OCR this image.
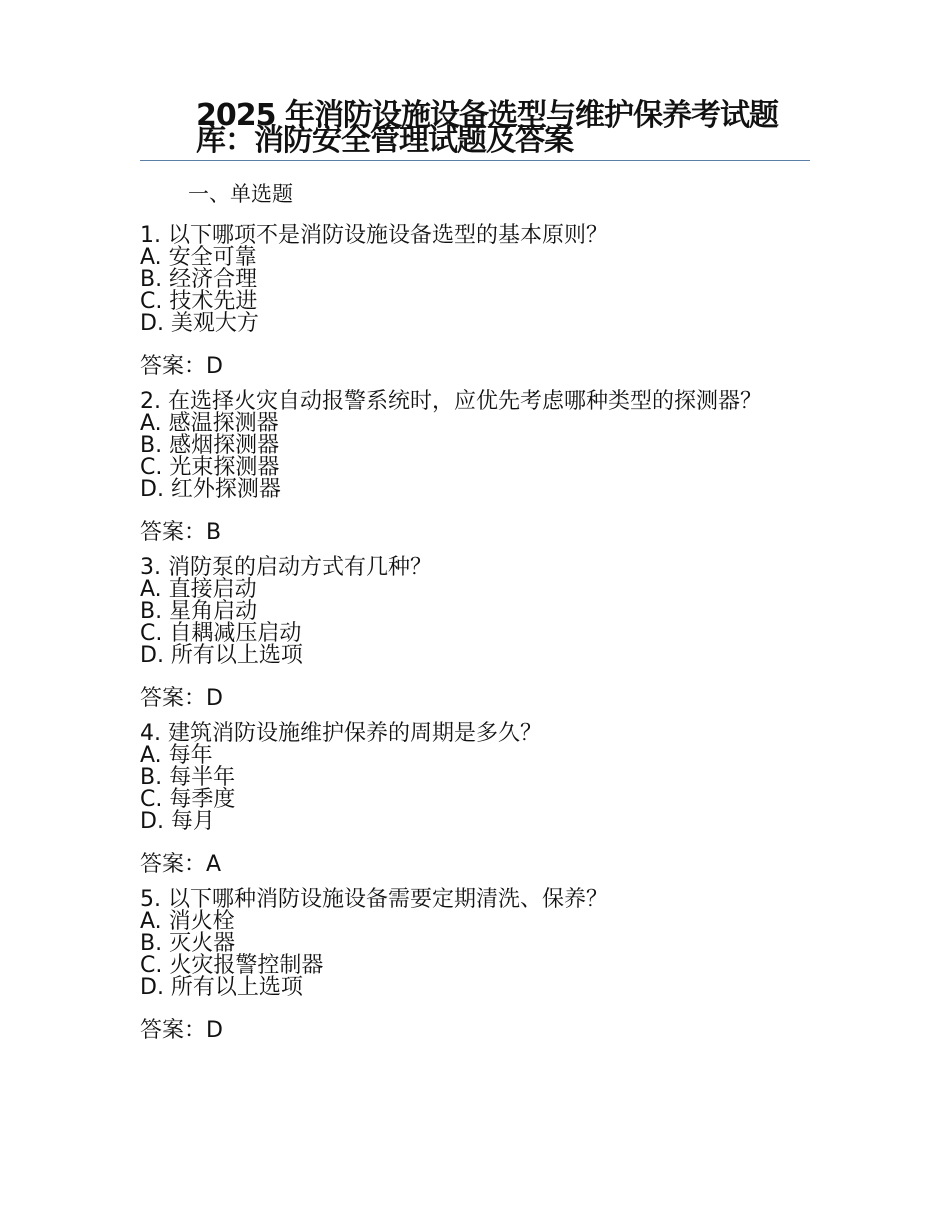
2025 年消防设施设备选型与维护保养考试题库：消防安全管理试题及答案

一、单选题

1. 以下哪项不是消防设施设备选型的基本原则？

A. 安全可靠
B. 经济合理
C. 技术先进
D. 美观大方

答案：D

2. 在选择火灾自动报警系统时，应优先考虑哪种类型的探测器？

A. 感温探测器
B. 感烟探测器
C. 光束探测器
D. 红外探测器

答案：B

3. 消防泵的启动方式有几种？

A. 直接启动
B. 星角启动
C. 自耦减压启动
D. 所有以上选项

答案：D

4. 建筑消防设施维护保养的周期是多久？

A. 每年
B. 每半年
C. 每季度
D. 每月

答案：A

5. 以下哪种消防设施设备需要定期清洗、保养？

A. 消火栓
B. 灭火器
C. 火灾报警控制器
D. 所有以上选项

答案：D
